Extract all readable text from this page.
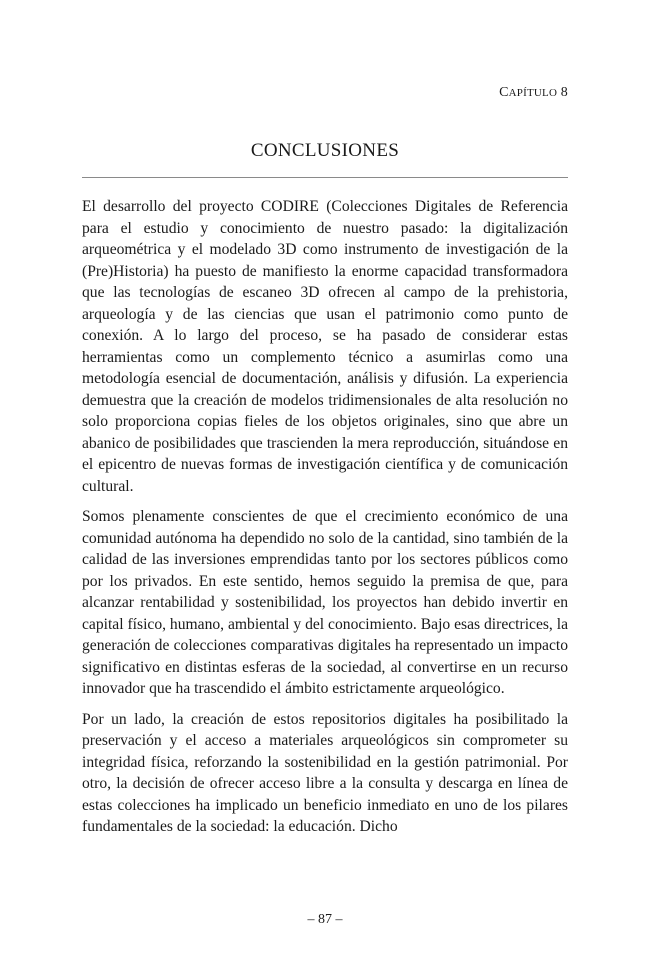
CAPÍTULO 8
CONCLUSIONES

El desarrollo del proyecto CODIRE (Colecciones Digitales de Referencia para el estudio y conocimiento de nuestro pasado: la digitalización arqueométrica y el modelado 3D como instrumento de investigación de la (Pre)Historia) ha puesto de manifiesto la enorme capacidad transformadora que las tecnologías de escaneo 3D ofrecen al campo de la prehistoria, arqueología y de las ciencias que usan el patrimonio como punto de conexión. A lo largo del proceso, se ha pasado de considerar estas herramientas como un complemento técnico a asumirlas como una metodología esencial de documentación, análisis y difusión. La experiencia demuestra que la creación de modelos tridimensionales de alta resolución no solo proporciona copias fieles de los objetos originales, sino que abre un abanico de posibilidades que trascienden la mera reproducción, situándose en el epicentro de nuevas formas de investigación científica y de comunicación cultural.

Somos plenamente conscientes de que el crecimiento económico de una comunidad autónoma ha dependido no solo de la cantidad, sino también de la calidad de las inversiones emprendidas tanto por los sectores públicos como por los privados. En este sentido, hemos seguido la premisa de que, para alcanzar rentabilidad y sostenibilidad, los proyectos han debido invertir en capital físico, humano, ambiental y del conocimiento. Bajo esas directrices, la generación de colecciones comparativas digitales ha representado un impacto significativo en distintas esferas de la sociedad, al convertirse en un recurso innovador que ha trascendido el ámbito estrictamente arqueológico.

Por un lado, la creación de estos repositorios digitales ha posibilitado la preservación y el acceso a materiales arqueológicos sin comprometer su integridad física, reforzando la sostenibilidad en la gestión patrimonial. Por otro, la decisión de ofrecer acceso libre a la consulta y descarga en línea de estas colecciones ha implicado un beneficio inmediato en uno de los pilares fundamentales de la sociedad: la educación. Dicho

– 87 –
